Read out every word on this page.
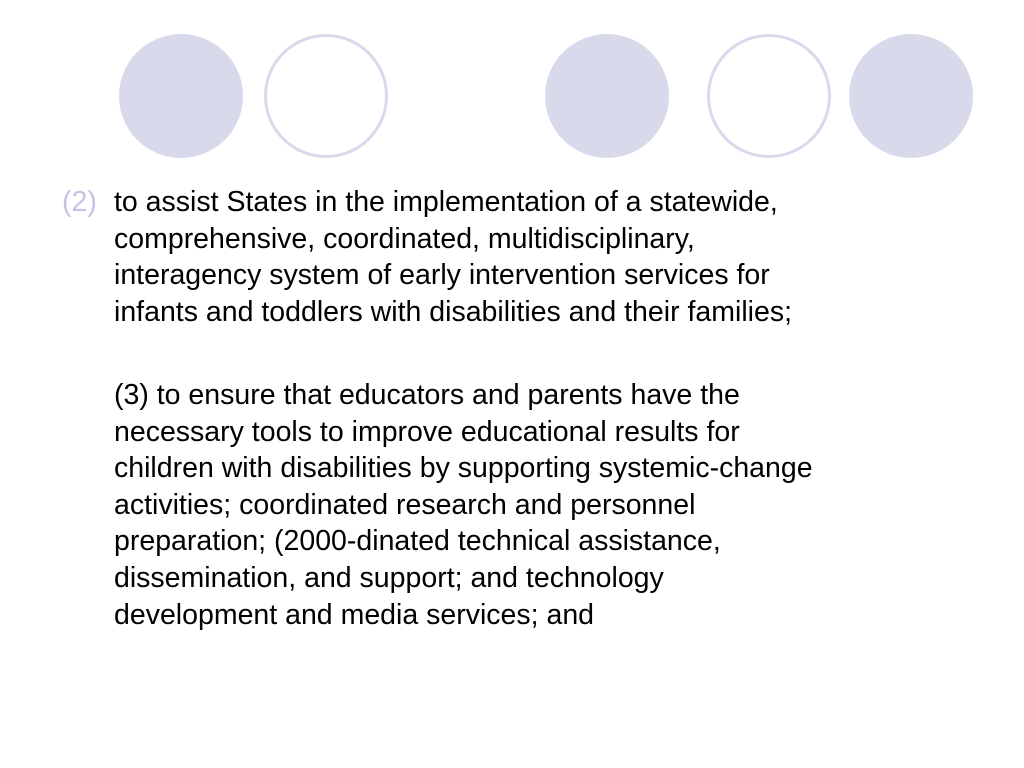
(2) to assist States in the implementation of a statewide,
comprehensive, coordinated, multidisciplinary,
interagency system of early intervention services for
infants and toddlers with disabilities and their families;
(3) to ensure that educators and parents have the
necessary tools to improve educational results for
children with disabilities by supporting systemic-change
activities; coordinated research and personnel
preparation; (2000-dinated technical assistance,
dissemination, and support; and technology
development and media services; and
